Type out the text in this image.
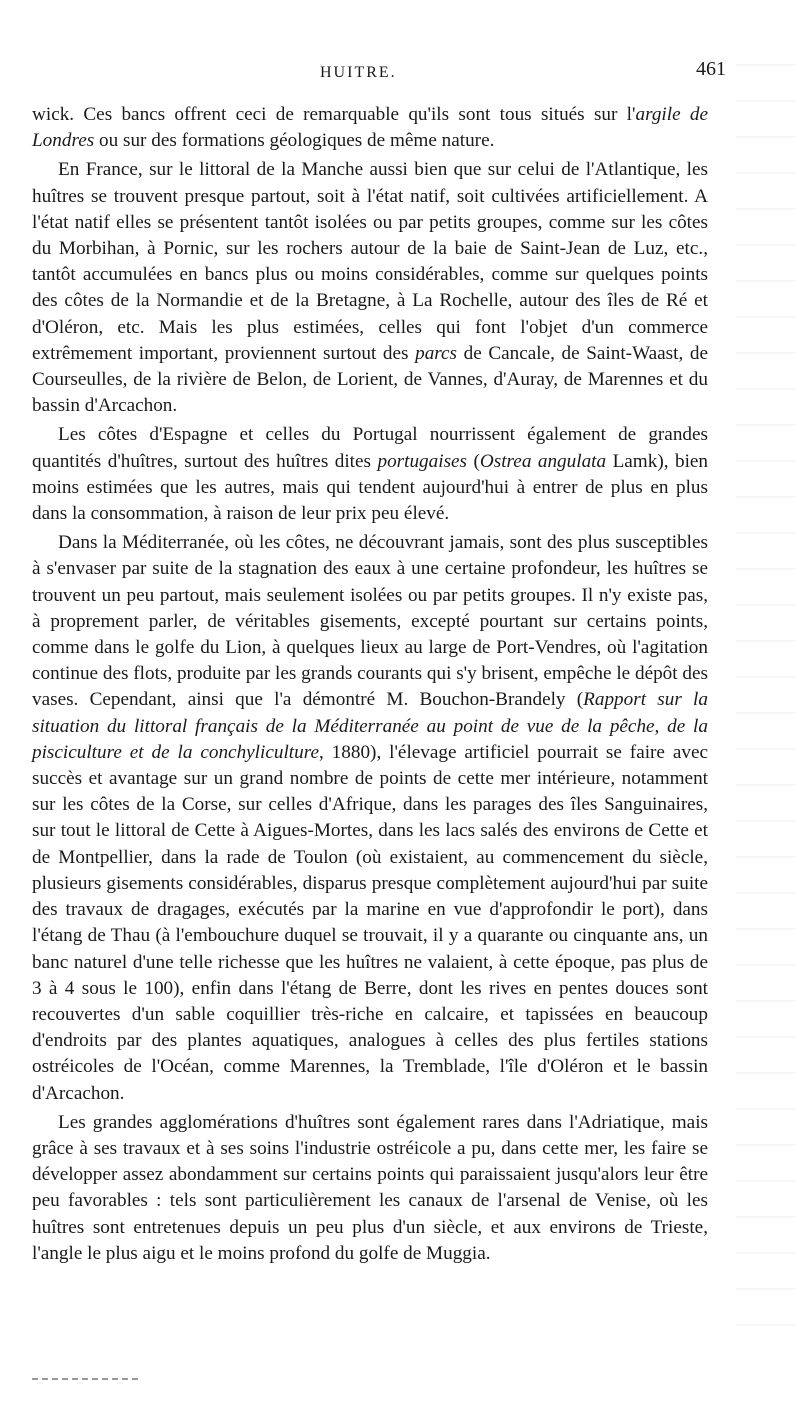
HUITRE.	461

wick. Ces bancs offrent ceci de remarquable qu'ils sont tous situés sur l'argile de Londres ou sur des formations géologiques de même nature.

En France, sur le littoral de la Manche aussi bien que sur celui de l'Atlantique, les huîtres se trouvent presque partout, soit à l'état natif, soit cultivées artificiellement. A l'état natif elles se présentent tantôt isolées ou par petits groupes, comme sur les côtes du Morbihan, à Pornic, sur les rochers autour de la baie de Saint-Jean de Luz, etc., tantôt accumulées en bancs plus ou moins considérables, comme sur quelques points des côtes de la Normandie et de la Bretagne, à La Rochelle, autour des îles de Ré et d'Oléron, etc. Mais les plus estimées, celles qui font l'objet d'un commerce extrêmement important, proviennent surtout des parcs de Cancale, de Saint-Waast, de Courseulles, de la rivière de Belon, de Lorient, de Vannes, d'Auray, de Marennes et du bassin d'Arcachon.

Les côtes d'Espagne et celles du Portugal nourrissent également de grandes quantités d'huîtres, surtout des huîtres dites portugaises (Ostrea angulata Lamk), bien moins estimées que les autres, mais qui tendent aujourd'hui à entrer de plus en plus dans la consommation, à raison de leur prix peu élevé.

Dans la Méditerranée, où les côtes, ne découvrant jamais, sont des plus susceptibles à s'envaser par suite de la stagnation des eaux à une certaine profondeur, les huîtres se trouvent un peu partout, mais seulement isolées ou par petits groupes. Il n'y existe pas, à proprement parler, de véritables gisements, excepté pourtant sur certains points, comme dans le golfe du Lion, à quelques lieux au large de Port-Vendres, où l'agitation continue des flots, produite par les grands courants qui s'y brisent, empêche le dépôt des vases. Cependant, ainsi que l'a démontré M. Bouchon-Brandely (Rapport sur la situation du littoral français de la Méditerranée au point de vue de la pêche, de la pisciculture et de la conchyliculture, 1880), l'élevage artificiel pourrait se faire avec succès et avantage sur un grand nombre de points de cette mer intérieure, notamment sur les côtes de la Corse, sur celles d'Afrique, dans les parages des îles Sanguinaires, sur tout le littoral de Cette à Aigues-Mortes, dans les lacs salés des environs de Cette et de Montpellier, dans la rade de Toulon (où existaient, au commencement du siècle, plusieurs gisements considérables, disparus presque complètement aujourd'hui par suite des travaux de dragages, exécutés par la marine en vue d'approfondir le port), dans l'étang de Thau (à l'embouchure duquel se trouvait, il y a quarante ou cinquante ans, un banc naturel d'une telle richesse que les huîtres ne valaient, à cette époque, pas plus de 3 à 4 sous le 100), enfin dans l'étang de Berre, dont les rives en pentes douces sont recouvertes d'un sable coquillier très-riche en calcaire, et tapissées en beaucoup d'endroits par des plantes aquatiques, analogues à celles des plus fertiles stations ostréicoles de l'Océan, comme Marennes, la Tremblade, l'île d'Oléron et le bassin d'Arcachon.

Les grandes agglomérations d'huîtres sont également rares dans l'Adriatique, mais grâce à ses travaux et à ses soins l'industrie ostréicole a pu, dans cette mer, les faire se développer assez abondamment sur certains points qui paraissaient jusqu'alors leur être peu favorables : tels sont particulièrement les canaux de l'arsenal de Venise, où les huîtres sont entretenues depuis un peu plus d'un siècle, et aux environs de Trieste, l'angle le plus aigu et le moins profond du golfe de Muggia.
